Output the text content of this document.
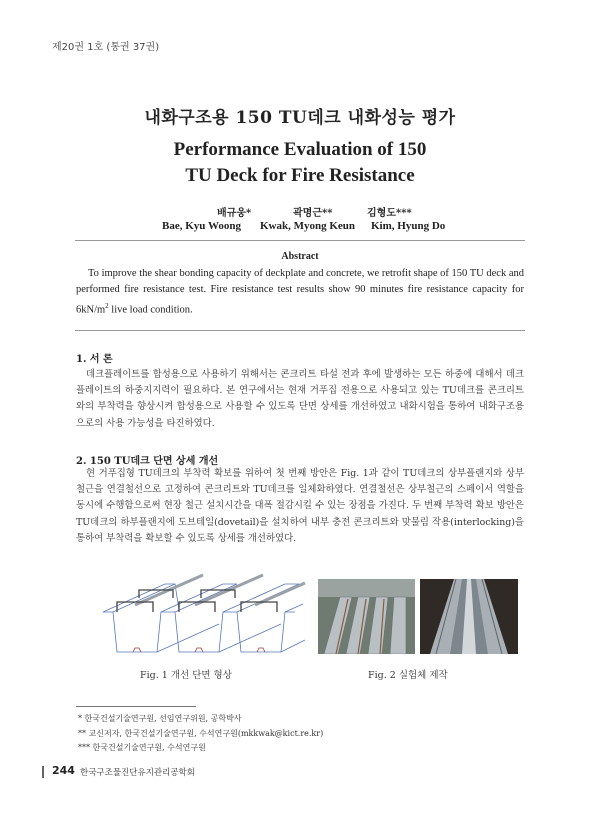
제20권 1호 (통권 37권)
내화구조용 150 TU데크 내화성능 평가
Performance Evaluation of 150
TU Deck for Fire Resistance
배규웅*	곽명근**	김형도***
Bae, Kyu Woong Kwak, Myong Keun Kim, Hyung Do
Abstract
To improve the shear bonding capacity of deckplate and concrete, we retrofit shape of 150 TU deck and performed fire resistance test. Fire resistance test results show 90 minutes fire resistance capacity for $6kN/m^2$ live load condition.
1. 서 론
데크플레이트를 합성용으로 사용하기 위해서는 콘크리트 타설 전과 후에 발생하는 모든 하중에 대해서 데크플레이트의 하중지지력이 필요하다. 본 연구에서는 현재 거푸집 전용으로 사용되고 있는 TU데크를 콘크리트와의 부착력을 향상시켜 합성용으로 사용할 수 있도록 단면 상세를 개선하였고 내화시험을 통하여 내화구조용으로의 사용 가능성을 타진하였다.
2. 150 TU데크 단면 상세 개선
현 거푸집형 TU데크의 부착력 확보를 위하여 첫 번째 방안은 Fig. 1과 같이 TU데크의 상부플랜지와 상부철근을 연결철선으로 고정하여 콘크리트와 TU데크를 일체화하였다. 연결철선은 상부철근의 스페이서 역할을 동시에 수행함으로써 현장 철근 설치시간을 대폭 절감시킬 수 있는 장점을 가진다. 두 번째 부착력 확보 방안은 TU데크의 하부플랜지에 도브테일(dovetail)을 설치하여 내부 충전 콘크리트와 맞물림 작용(interlocking)을 통하여 부착력을 확보할 수 있도록 상세를 개선하였다.
Fig. 1 개선 단면 형상	Fig. 2 실험체 제작
* 한국건설기술연구원, 선임연구위원, 공학박사
** 교신저자, 한국건설기술연구원, 수석연구원(mkkwak@kict.re.kr)
*** 한국건설기술연구원, 수석연구원
244 한국구조물진단유지관리공학회
